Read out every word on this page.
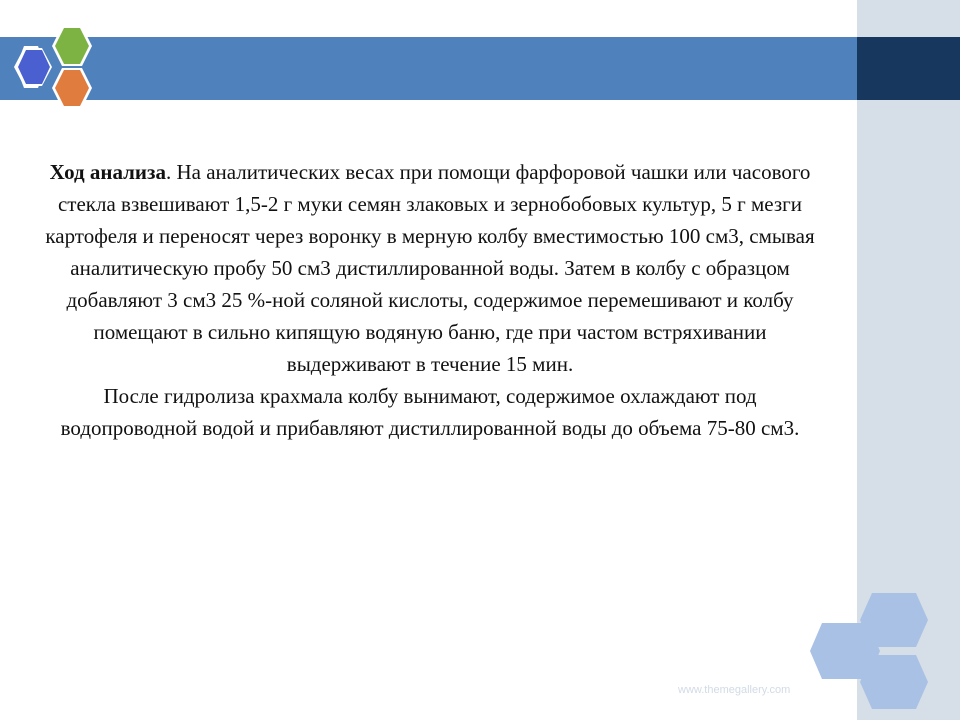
Ход анализа. На аналитических весах при помощи фарфоровой чашки или часового стекла взвешивают 1,5-2 г муки семян злаковых и зернобобовых культур, 5 г мезги картофеля и переносят через воронку в мерную колбу вместимостью 100 см3, смывая аналитическую пробу 50 см3 дистиллированной воды. Затем в колбу с образцом добавляют 3 см3 25 %-ной соляной кислоты, содержимое перемешивают и колбу помещают в сильно кипящую водяную баню, где при частом встряхивании выдерживают в течение 15 мин.

После гидролиза крахмала колбу вынимают, содержимое охлаждают под водопроводной водой и прибавляют дистиллированной воды до объема 75-80 см3.

www.themegallery.com
